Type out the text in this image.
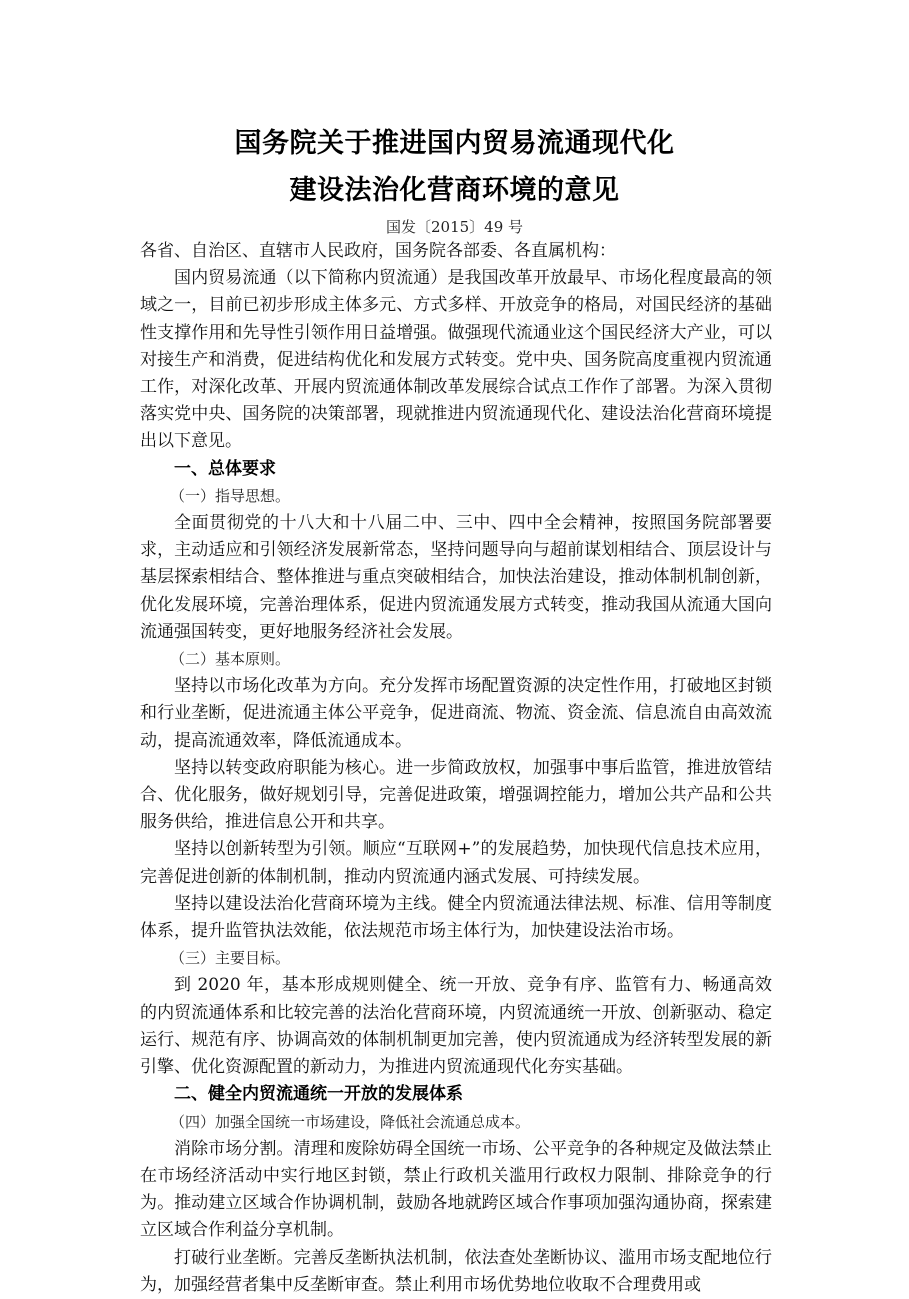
国务院关于推进国内贸易流通现代化
建设法治化营商环境的意见
国发〔2015〕49 号

各省、自治区、直辖市人民政府，国务院各部委、各直属机构：

国内贸易流通（以下简称内贸流通）是我国改革开放最早、市场化程度最高的领域之一，目前已初步形成主体多元、方式多样、开放竞争的格局，对国民经济的基础性支撑作用和先导性引领作用日益增强。做强现代流通业这个国民经济大产业，可以对接生产和消费，促进结构优化和发展方式转变。党中央、国务院高度重视内贸流通工作，对深化改革、开展内贸流通体制改革发展综合试点工作作了部署。为深入贯彻落实党中央、国务院的决策部署，现就推进内贸流通现代化、建设法治化营商环境提出以下意见。

一、总体要求

（一）指导思想。

全面贯彻党的十八大和十八届二中、三中、四中全会精神，按照国务院部署要求，主动适应和引领经济发展新常态，坚持问题导向与超前谋划相结合、顶层设计与基层探索相结合、整体推进与重点突破相结合，加快法治建设，推动体制机制创新，优化发展环境，完善治理体系，促进内贸流通发展方式转变，推动我国从流通大国向流通强国转变，更好地服务经济社会发展。

（二）基本原则。

坚持以市场化改革为方向。充分发挥市场配置资源的决定性作用，打破地区封锁和行业垄断，促进流通主体公平竞争，促进商流、物流、资金流、信息流自由高效流动，提高流通效率，降低流通成本。

坚持以转变政府职能为核心。进一步简政放权，加强事中事后监管，推进放管结合、优化服务，做好规划引导，完善促进政策，增强调控能力，增加公共产品和公共服务供给，推进信息公开和共享。

坚持以创新转型为引领。顺应“互联网+”的发展趋势，加快现代信息技术应用，完善促进创新的体制机制，推动内贸流通内涵式发展、可持续发展。

坚持以建设法治化营商环境为主线。健全内贸流通法律法规、标准、信用等制度体系，提升监管执法效能，依法规范市场主体行为，加快建设法治市场。

（三）主要目标。

到 2020 年，基本形成规则健全、统一开放、竞争有序、监管有力、畅通高效的内贸流通体系和比较完善的法治化营商环境，内贸流通统一开放、创新驱动、稳定运行、规范有序、协调高效的体制机制更加完善，使内贸流通成为经济转型发展的新引擎、优化资源配置的新动力，为推进内贸流通现代化夯实基础。

二、健全内贸流通统一开放的发展体系

（四）加强全国统一市场建设，降低社会流通总成本。

消除市场分割。清理和废除妨碍全国统一市场、公平竞争的各种规定及做法禁止在市场经济活动中实行地区封锁，禁止行政机关滥用行政权力限制、排除竞争的行为。推动建立区域合作协调机制，鼓励各地就跨区域合作事项加强沟通协商，探索建立区域合作利益分享机制。

打破行业垄断。完善反垄断执法机制，依法查处垄断协议、滥用市场支配地位行为，加强经营者集中反垄断审查。禁止利用市场优势地位收取不合理费用或
